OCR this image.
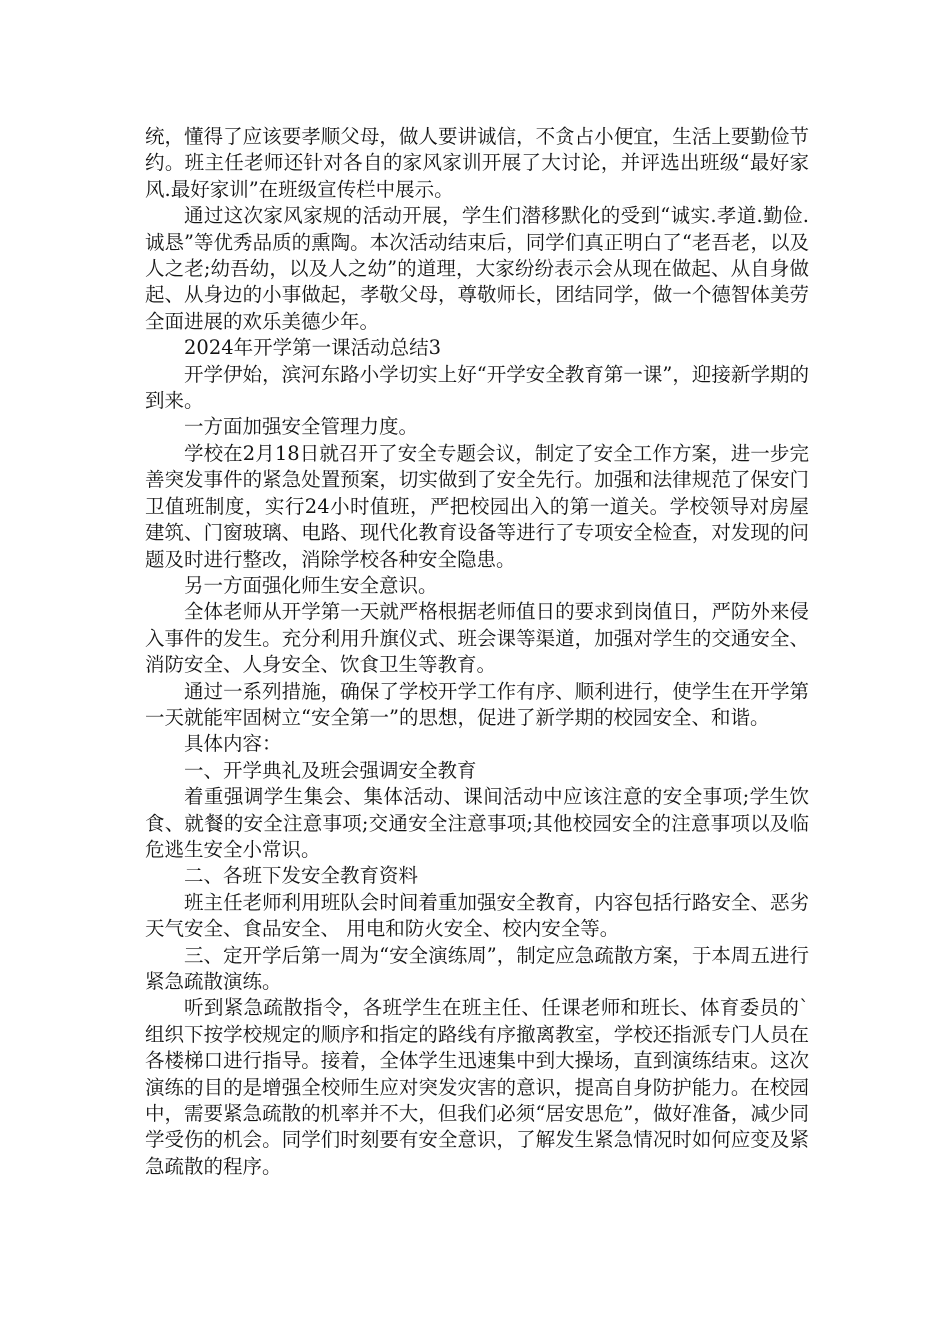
统，懂得了应该要孝顺父母，做人要讲诚信，不贪占小便宜，生活上要勤俭节约。班主任老师还针对各自的家风家训开展了大讨论，并评选出班级“最好家风.最好家训”在班级宣传栏中展示。

通过这次家风家规的活动开展，学生们潜移默化的受到“诚实.孝道.勤俭.诚恳”等优秀品质的熏陶。本次活动结束后，同学们真正明白了“老吾老，以及人之老;幼吾幼，以及人之幼”的道理，大家纷纷表示会从现在做起、从自身做起、从身边的小事做起，孝敬父母，尊敬师长，团结同学，做一个德智体美劳全面进展的欢乐美德少年。

2024年开学第一课活动总结3

开学伊始，滨河东路小学切实上好“开学安全教育第一课”，迎接新学期的到来。

一方面加强安全管理力度。

学校在2月18日就召开了安全专题会议，制定了安全工作方案，进一步完善突发事件的紧急处置预案，切实做到了安全先行。加强和法律规范了保安门卫值班制度，实行24小时值班，严把校园出入的第一道关。学校领导对房屋建筑、门窗玻璃、电路、现代化教育设备等进行了专项安全检查，对发现的问题及时进行整改，消除学校各种安全隐患。

另一方面强化师生安全意识。

全体老师从开学第一天就严格根据老师值日的要求到岗值日，严防外来侵入事件的发生。充分利用升旗仪式、班会课等渠道，加强对学生的交通安全、消防安全、人身安全、饮食卫生等教育。

通过一系列措施，确保了学校开学工作有序、顺利进行，使学生在开学第一天就能牢固树立“安全第一”的思想，促进了新学期的校园安全、和谐。

具体内容：

一、开学典礼及班会强调安全教育

着重强调学生集会、集体活动、课间活动中应该注意的安全事项;学生饮食、就餐的安全注意事项;交通安全注意事项;其他校园安全的注意事项以及临危逃生安全小常识。

二、各班下发安全教育资料

班主任老师利用班队会时间着重加强安全教育，内容包括行路安全、恶劣天气安全、食品安全、 用电和防火安全、校内安全等。

三、定开学后第一周为“安全演练周”，制定应急疏散方案，于本周五进行紧急疏散演练。

听到紧急疏散指令，各班学生在班主任、任课老师和班长、体育委员的`组织下按学校规定的顺序和指定的路线有序撤离教室，学校还指派专门人员在各楼梯口进行指导。接着，全体学生迅速集中到大操场，直到演练结束。这次演练的目的是增强全校师生应对突发灾害的意识，提高自身防护能力。在校园中，需要紧急疏散的机率并不大，但我们必须“居安思危”，做好准备，减少同学受伤的机会。同学们时刻要有安全意识，了解发生紧急情况时如何应变及紧急疏散的程序。
